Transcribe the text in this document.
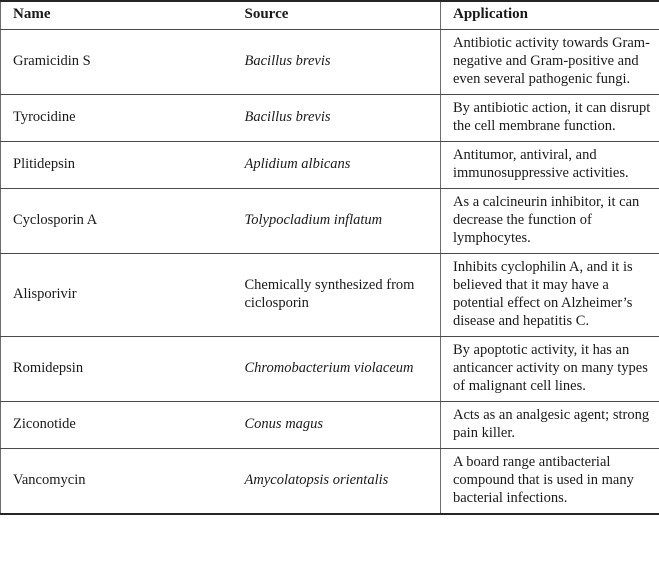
Name	Source	Application
Gramicidin S	Bacillus brevis	Antibiotic activity towards Gram-negative and Gram-positive and even several pathogenic fungi.
Tyrocidine	Bacillus brevis	By antibiotic action, it can disrupt the cell membrane function.
Plitidepsin	Aplidium albicans	Antitumor, antiviral, and immunosuppressive activities.
Cyclosporin A	Tolypocladium inflatum	As a calcineurin inhibitor, it can decrease the function of lymphocytes.
Alisporivir	Chemically synthesized from ciclosporin	Inhibits cyclophilin A, and it is believed that it may have a potential effect on Alzheimer’s disease and hepatitis C.
Romidepsin	Chromobacterium violaceum	By apoptotic activity, it has an anticancer activity on many types of malignant cell lines.
Ziconotide	Conus magus	Acts as an analgesic agent; strong pain killer.
Vancomycin	Amycolatopsis orientalis	A board range antibacterial compound that is used in many bacterial infections.
